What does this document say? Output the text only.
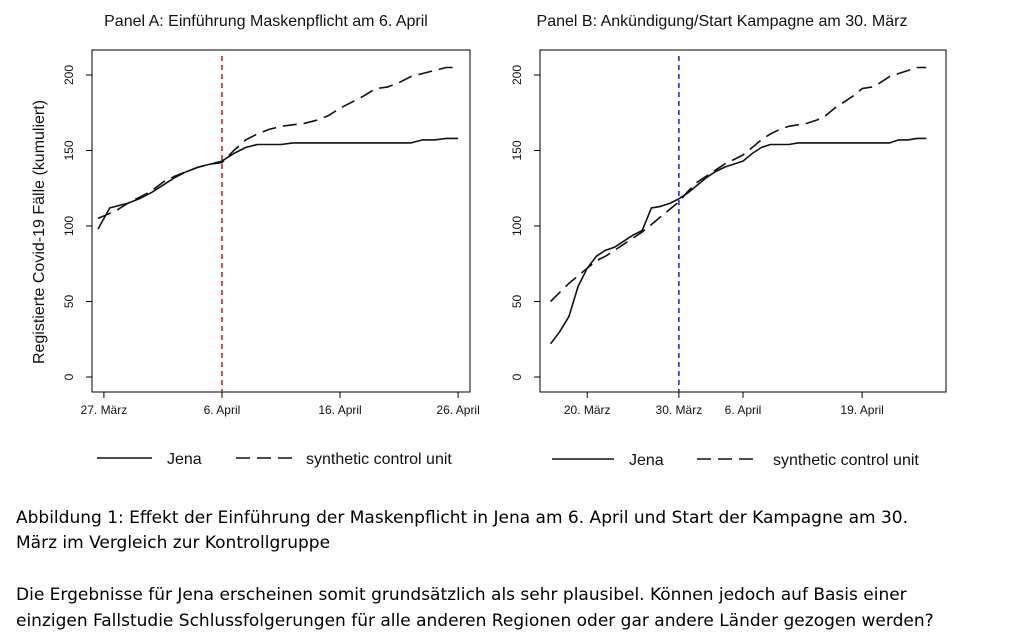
Registierte Covid-19 Fälle (kumuliert)
Panel A: Einführung Maskenpflicht am 6. April
0
50
100
150
200
27. März	6. April	16. April	26. April
Jena	synthetic control unit
Panel B: Ankündigung/Start Kampagne am 30. März
0
50
100
150
200
20. März	30. März 6. April	19. April
Jena	synthetic control unit
Abbildung 1: Effekt der Einführung der Maskenpflicht in Jena am 6. April und Start der Kampagne am 30.
März im Vergleich zur Kontrollgruppe
Die Ergebnisse für Jena erscheinen somit grundsätzlich als sehr plausibel. Können jedoch auf Basis einer
einzigen Fallstudie Schlussfolgerungen für alle anderen Regionen oder gar andere Länder gezogen werden?
